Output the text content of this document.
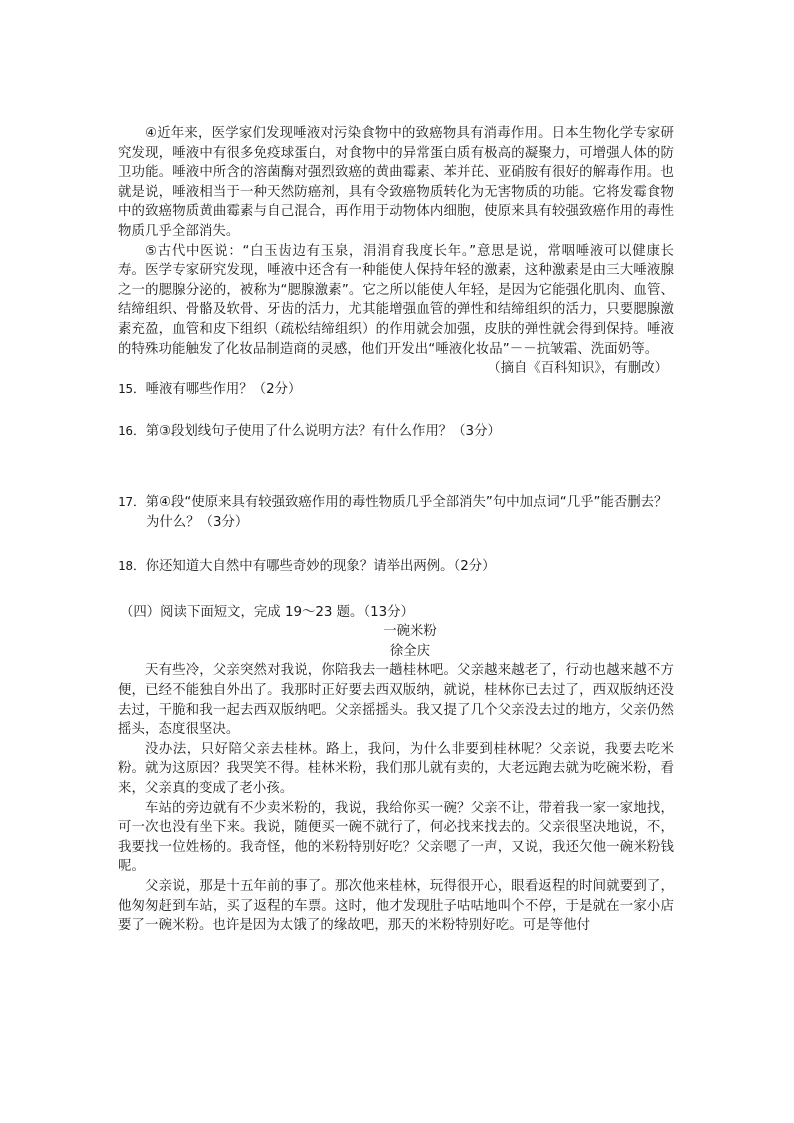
④近年来，医学家们发现唾液对污染食物中的致癌物具有消毒作用。日本生物化学专家研究发现，唾液中有很多免疫球蛋白，对食物中的异常蛋白质有极高的凝聚力，可增强人体的防卫功能。唾液中所含的溶菌酶对强烈致癌的黄曲霉素、苯并芘、亚硝胺有很好的解毒作用。也就是说，唾液相当于一种天然防癌剂，具有令致癌物质转化为无害物质的功能。它将发霉食物中的致癌物质黄曲霉素与自己混合，再作用于动物体内细胞，使原来具有较强致癌作用的毒性物质几乎全部消失。

⑤古代中医说：“白玉齿边有玉泉，涓涓育我度长年。”意思是说，常咽唾液可以健康长寿。医学专家研究发现，唾液中还含有一种能使人保持年轻的激素，这种激素是由三大唾液腺之一的腮腺分泌的，被称为“腮腺激素”。它之所以能使人年轻，是因为它能强化肌肉、血管、结缔组织、骨骼及软骨、牙齿的活力，尤其能增强血管的弹性和结缔组织的活力，只要腮腺激素充盈，血管和皮下组织（疏松结缔组织）的作用就会加强，皮肤的弹性就会得到保持。唾液的特殊功能触发了化妆品制造商的灵感，他们开发出“唾液化妆品”－－抗皱霜、洗面奶等。

（摘自《百科知识》，有删改）

15．唾液有哪些作用？（2分）

16．第③段划线句子使用了什么说明方法？有什么作用？（3分）

17．第④段“使原来具有较强致癌作用的毒性物质几乎全部消失”句中加点词“几乎”能否删去？为什么？（3分）

18．你还知道大自然中有哪些奇妙的现象？请举出两例。（2分）

（四）阅读下面短文，完成 19～23 题。（13分）

一碗米粉

徐全庆

天有些冷，父亲突然对我说，你陪我去一趟桂林吧。父亲越来越老了，行动也越来越不方便，已经不能独自外出了。我那时正好要去西双版纳，就说，桂林你已去过了，西双版纳还没去过，干脆和我一起去西双版纳吧。父亲摇摇头。我又提了几个父亲没去过的地方，父亲仍然摇头，态度很坚决。

没办法，只好陪父亲去桂林。路上，我问，为什么非要到桂林呢？父亲说，我要去吃米粉。就为这原因？我哭笑不得。桂林米粉，我们那儿就有卖的，大老远跑去就为吃碗米粉，看来，父亲真的变成了老小孩。

车站的旁边就有不少卖米粉的，我说，我给你买一碗？父亲不让，带着我一家一家地找，可一次也没有坐下来。我说，随便买一碗不就行了，何必找来找去的。父亲很坚决地说，不，我要找一位姓杨的。我奇怪，他的米粉特别好吃？父亲嗯了一声，又说，我还欠他一碗米粉钱呢。

父亲说，那是十五年前的事了。那次他来桂林，玩得很开心，眼看返程的时间就要到了，他匆匆赶到车站，买了返程的车票。这时，他才发现肚子咕咕地叫个不停，于是就在一家小店要了一碗米粉。也许是因为太饿了的缘故吧，那天的米粉特别好吃。可是等他付
